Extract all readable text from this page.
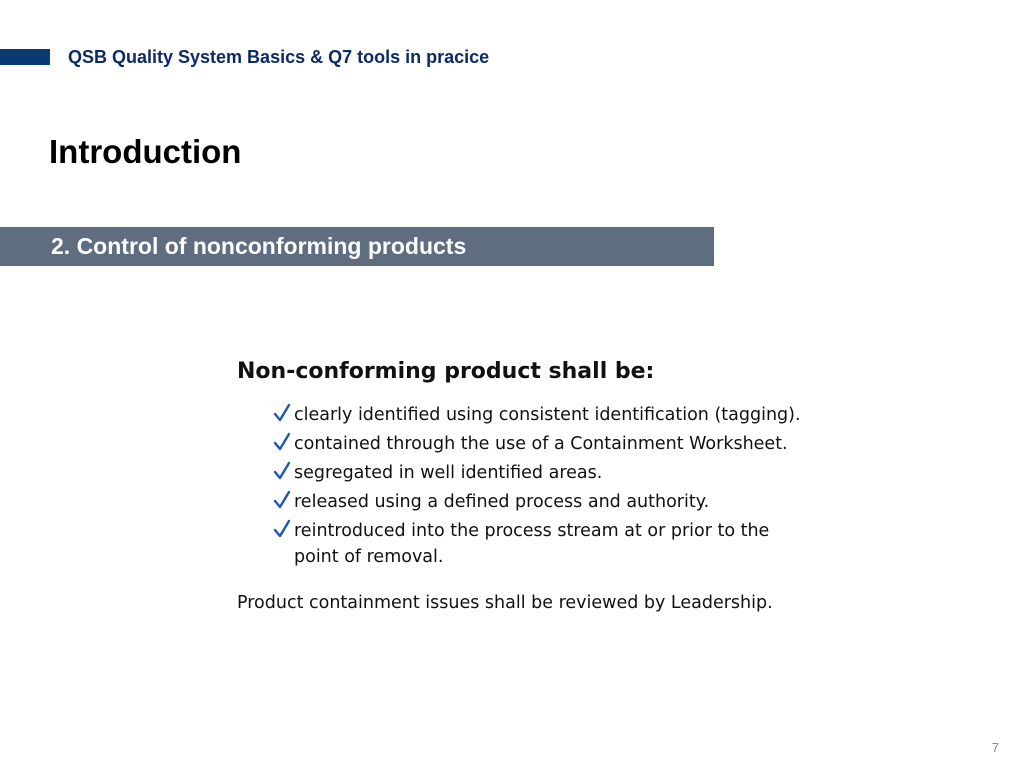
QSB Quality System Basics & Q7 tools in pracice
Introduction
2. Control of nonconforming products
Non-conforming product shall be:
clearly identified using consistent identification (tagging).
contained through the use of a Containment Worksheet.
segregated in well identified areas.
released using a defined process and authority.
reintroduced into the process stream at or prior to the point of removal.
Product containment issues shall be reviewed by Leadership.
7
